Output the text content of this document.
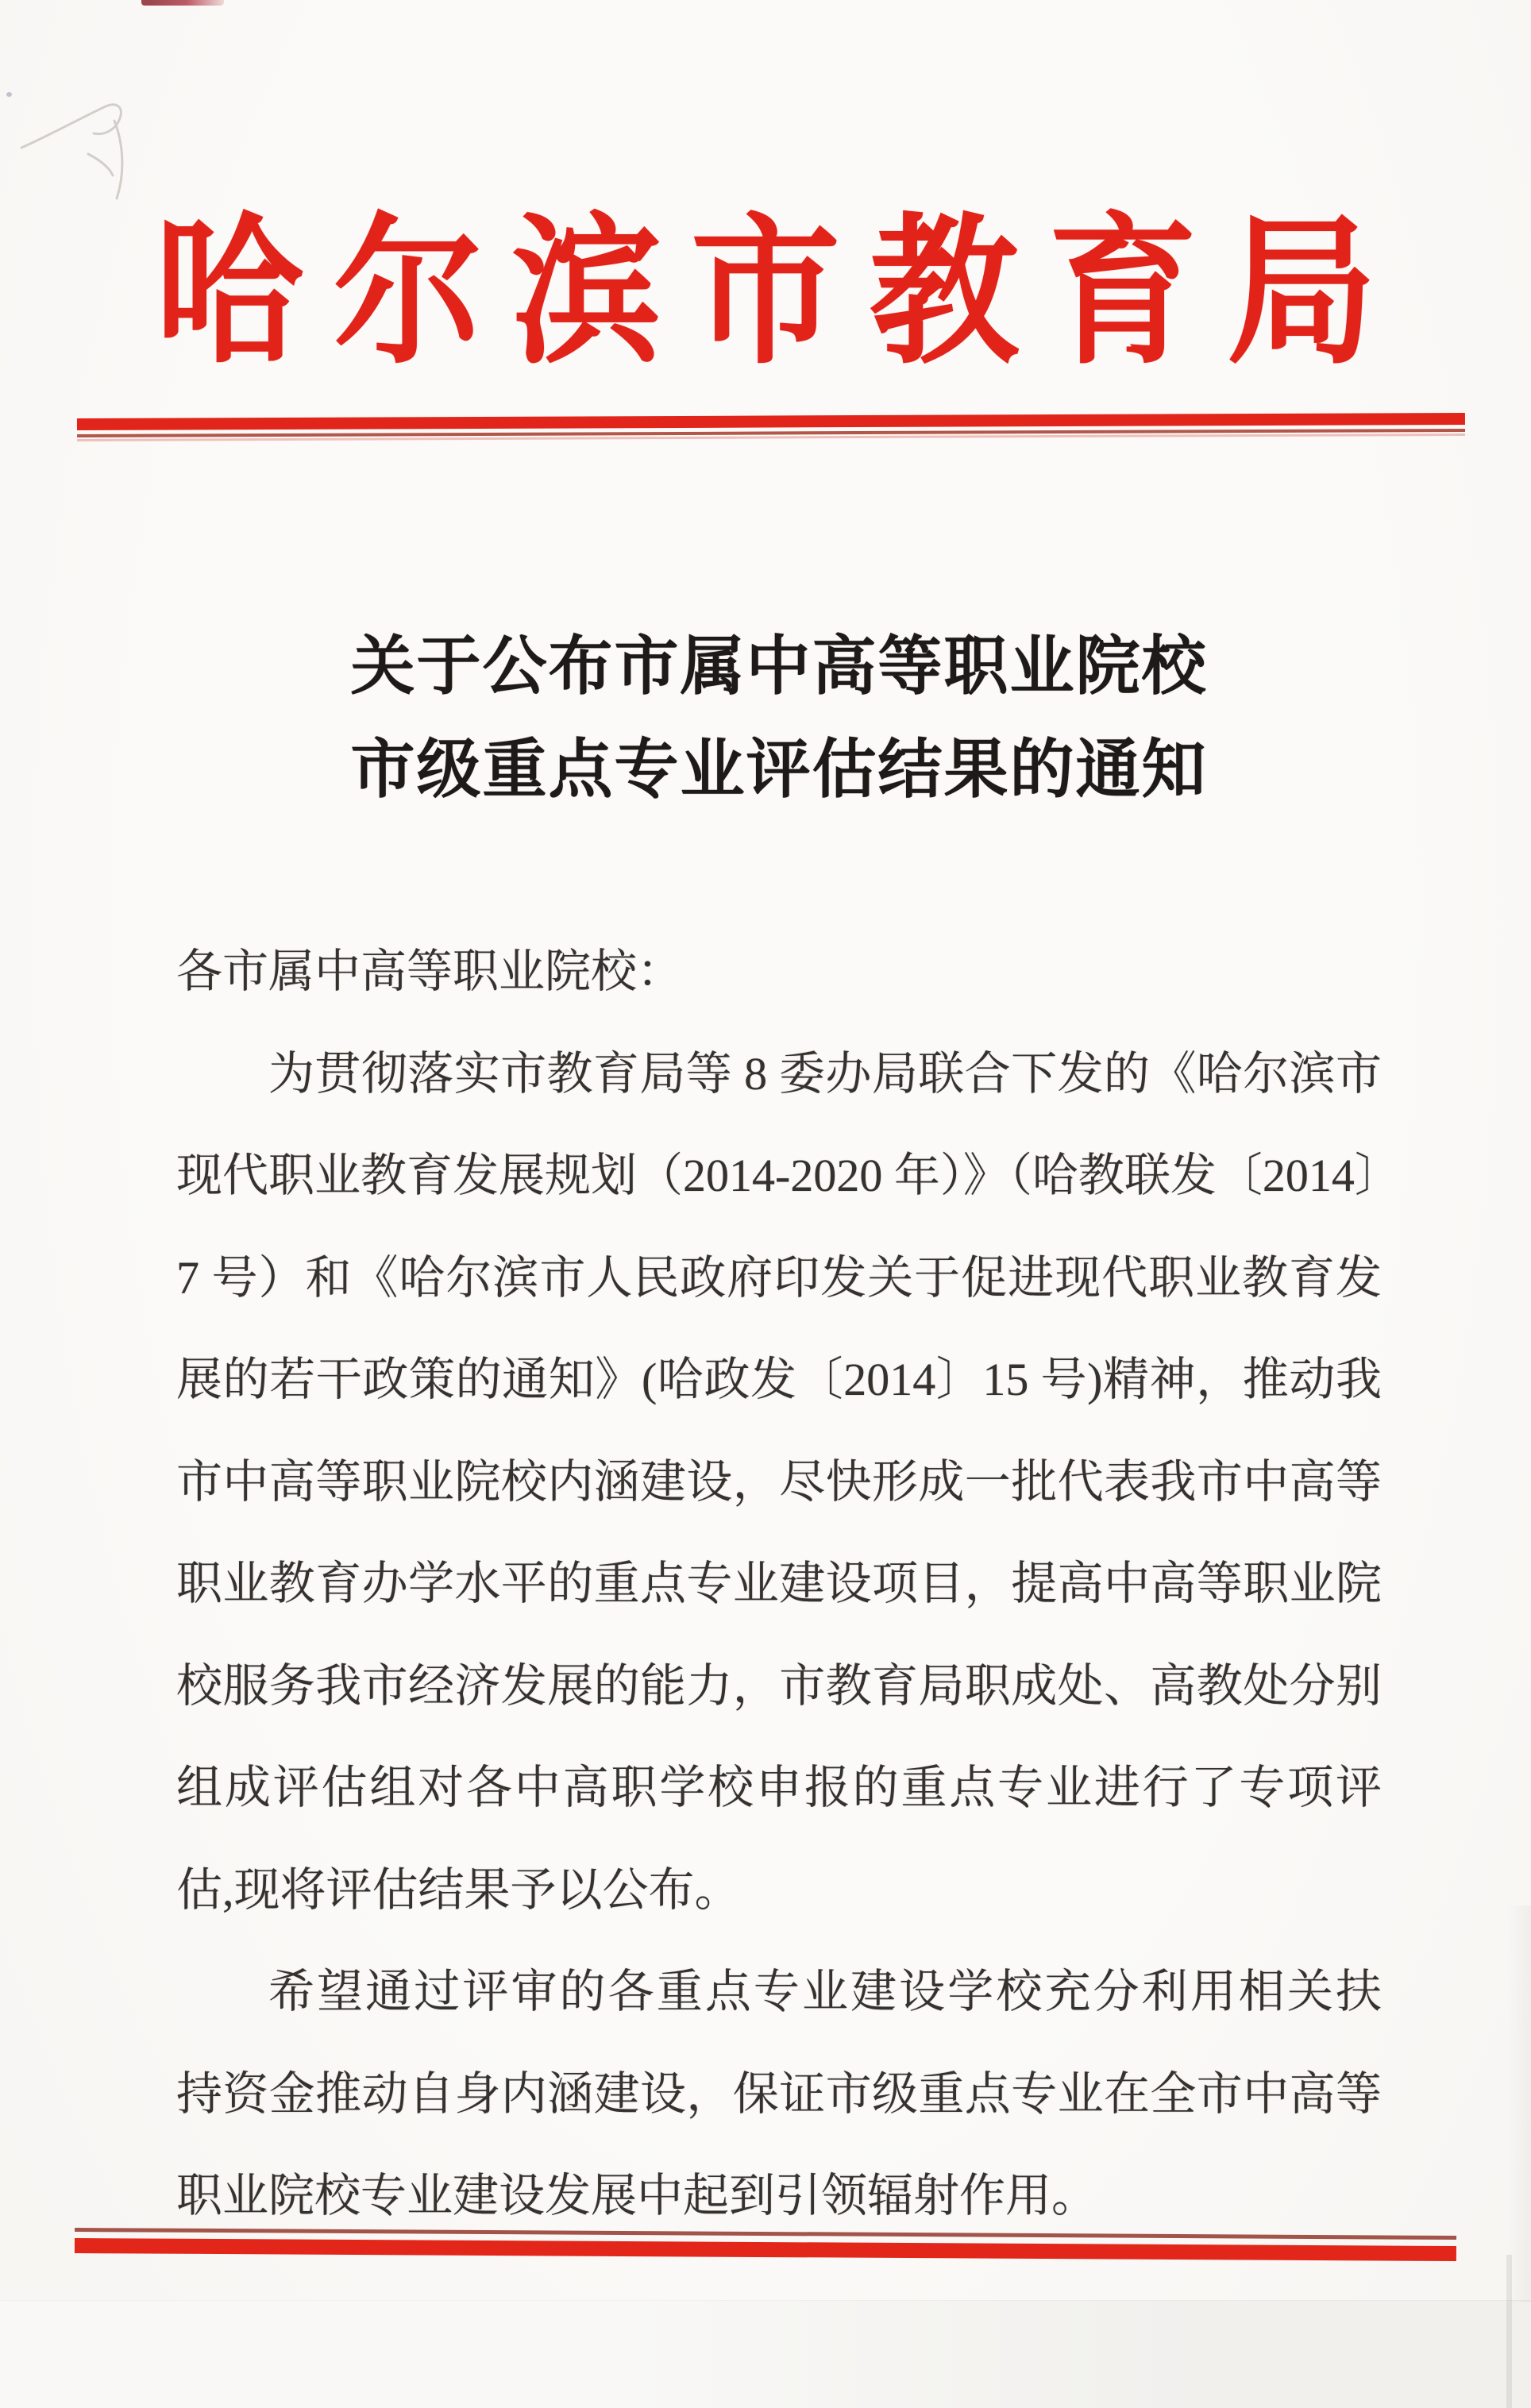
哈尔滨市教育局
关于公布市属中高等职业院校
市级重点专业评估结果的通知
各市属中高等职业院校：
为贯彻落实市教育局等 8 委办局联合下发的《哈尔滨市
现代职业教育发展规划（2014-2020 年）》（哈教联发〔2014〕
7 号）和《哈尔滨市人民政府印发关于促进现代职业教育发
展的若干政策的通知》(哈政发〔2014〕15 号)精神，推动我
市中高等职业院校内涵建设，尽快形成一批代表我市中高等
职业教育办学水平的重点专业建设项目，提高中高等职业院
校服务我市经济发展的能力，市教育局职成处、高教处分别
组成评估组对各中高职学校申报的重点专业进行了专项评
估,现将评估结果予以公布。
希望通过评审的各重点专业建设学校充分利用相关扶
持资金推动自身内涵建设，保证市级重点专业在全市中高等
职业院校专业建设发展中起到引领辐射作用。
